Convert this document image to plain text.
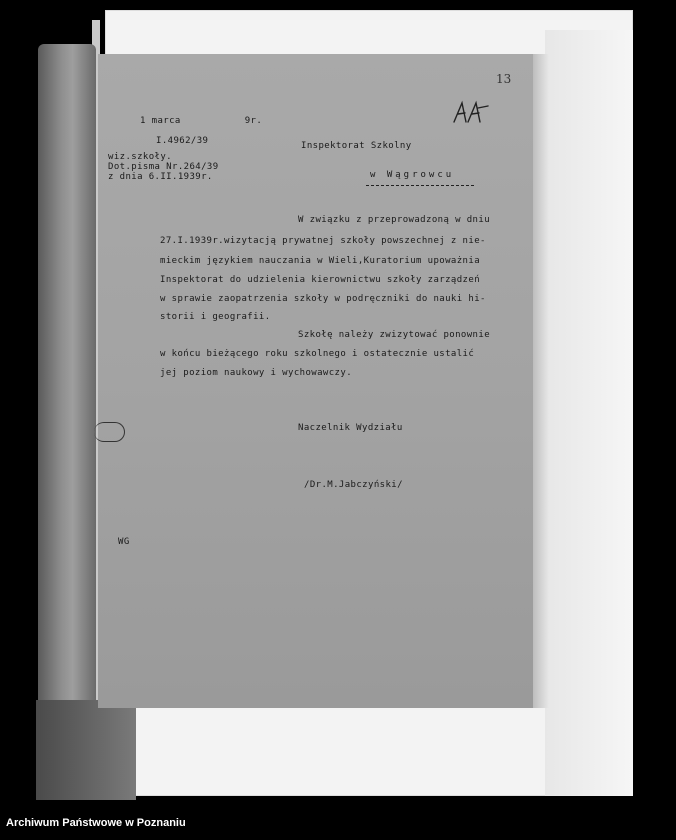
1 marca           9r.
I.4962/39
wiz.szkoły.
Dot.pisma Nr.264/39
z dnia 6.II.1939r.
Inspektorat Szkolny
w Wągrowcu
W związku z przeprowadzoną w dniu
27.I.1939r.wizytacją prywatnej szkoły powszechnej z nie-
mieckim językiem nauczania w Wieli,Kuratorium upoważnia
Inspektorat do udzielenia kierownictwu szkoły zarządzeń
w sprawie zaopatrzenia szkoły w podręczniki do nauki hi-
storii i geografii.
Szkołę należy zwizytować ponownie
w końcu bieżącego roku szkolnego i ostatecznie ustalić
jej poziom naukowy i wychowawczy.
Naczelnik Wydziału
/Dr.M.Jabczyński/
WG
13
Archiwum Państwowe w Poznaniu
